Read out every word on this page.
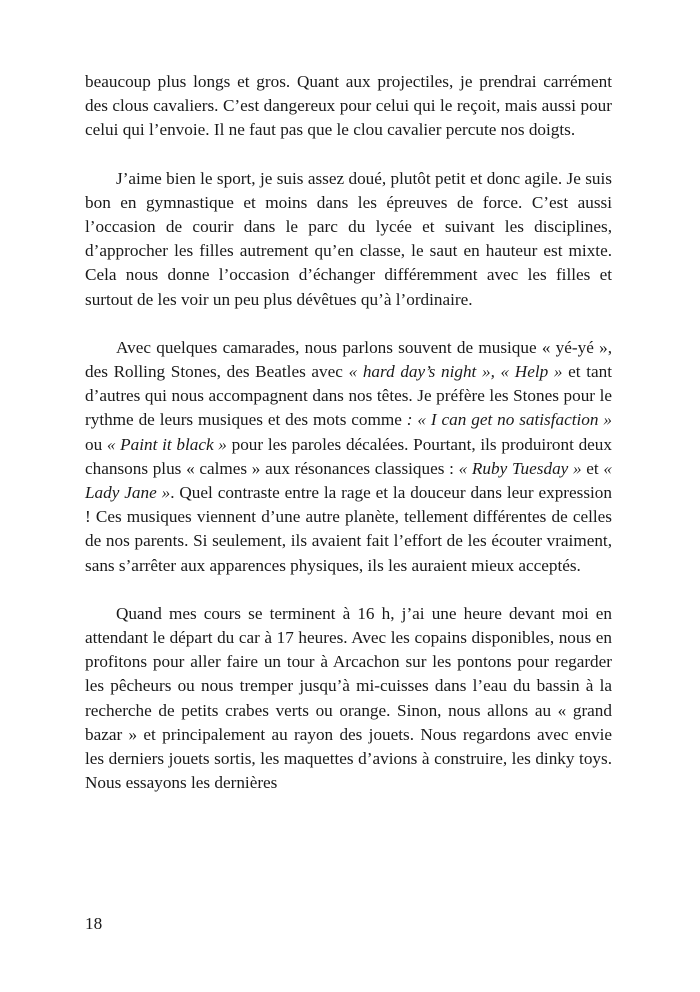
beaucoup plus longs et gros. Quant aux projectiles, je prendrai carrément des clous cavaliers. C’est dangereux pour celui qui le reçoit, mais aussi pour celui qui l’envoie. Il ne faut pas que le clou cavalier percute nos doigts.

J’aime bien le sport, je suis assez doué, plutôt petit et donc agile. Je suis bon en gymnastique et moins dans les épreuves de force. C’est aussi l’occasion de courir dans le parc du lycée et suivant les disciplines, d’approcher les filles autrement qu’en classe, le saut en hauteur est mixte. Cela nous donne l’occasion d’échanger différemment avec les filles et surtout de les voir un peu plus dévêtues qu’à l’ordinaire.

Avec quelques camarades, nous parlons souvent de musique « yé-yé », des Rolling Stones, des Beatles avec « hard day’s night », « Help » et tant d’autres qui nous accompagnent dans nos têtes. Je préfère les Stones pour le rythme de leurs musiques et des mots comme : « I can get no satisfaction » ou « Paint it black » pour les paroles décalées. Pourtant, ils produiront deux chansons plus « calmes » aux résonances classiques : « Ruby Tuesday » et « Lady Jane ». Quel contraste entre la rage et la douceur dans leur expression ! Ces musiques viennent d’une autre planète, tellement différentes de celles de nos parents. Si seulement, ils avaient fait l’effort de les écouter vraiment, sans s’arrêter aux apparences physiques, ils les auraient mieux acceptés.

Quand mes cours se terminent à 16 h, j’ai une heure devant moi en attendant le départ du car à 17 heures. Avec les copains disponibles, nous en profitons pour aller faire un tour à Arcachon sur les pontons pour regarder les pêcheurs ou nous tremper jusqu’à mi-cuisses dans l’eau du bassin à la recherche de petits crabes verts ou orange. Sinon, nous allons au « grand bazar » et principalement au rayon des jouets. Nous regardons avec envie les derniers jouets sortis, les maquettes d’avions à construire, les dinky toys. Nous essayons les dernières

18
